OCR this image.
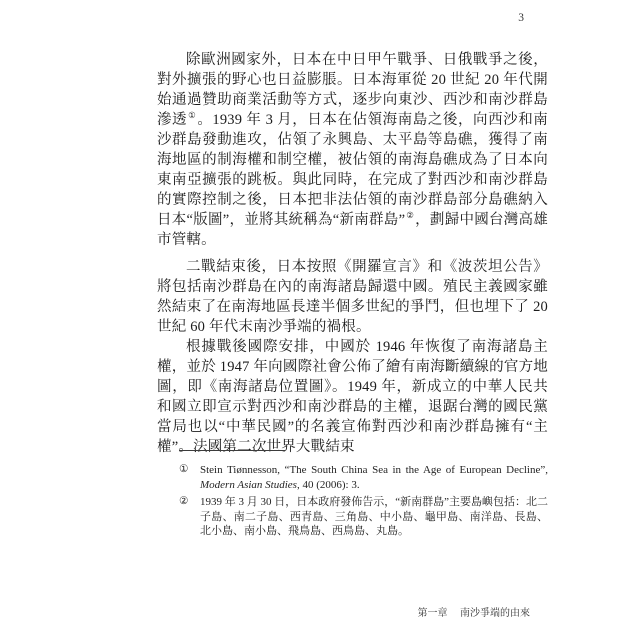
3

除歐洲國家外，日本在中日甲午戰爭、日俄戰爭之後，對外擴張的野心也日益膨脹。日本海軍從 20 世紀 20 年代開始通過贊助商業活動等方式，逐步向東沙、西沙和南沙群島滲透①。1939 年 3 月，日本在佔領海南島之後，向西沙和南沙群島發動進攻，佔領了永興島、太平島等島礁，獲得了南海地區的制海權和制空權，被佔領的南海島礁成為了日本向東南亞擴張的跳板。與此同時，在完成了對西沙和南沙群島的實際控制之後，日本把非法佔領的南沙群島部分島礁納入日本“版圖”，並將其統稱為“新南群島”②，劃歸中國台灣高雄市管轄。

二戰結束後，日本按照《開羅宣言》和《波茨坦公告》將包括南沙群島在內的南海諸島歸還中國。殖民主義國家雖然結束了在南海地區長達半個多世紀的爭鬥，但也埋下了 20 世紀 60 年代末南沙爭端的禍根。

根據戰後國際安排，中國於 1946 年恢復了南海諸島主權，並於 1947 年向國際社會公佈了繪有南海斷續線的官方地圖，即《南海諸島位置圖》。1949 年，新成立的中華人民共和國立即宣示對西沙和南沙群島的主權，退踞台灣的國民黨當局也以“中華民國”的名義宣佈對西沙和南沙群島擁有“主權”。法國第二次世界大戰結束

①	Stein Tiønnesson, “The South China Sea in the Age of European Decline”, Modern Asian Studies, 40 (2006): 3.
②	1939 年 3 月 30 日，日本政府發佈告示，“新南群島”主要島嶼包括：北二子島、南二子島、西青島、三角島、中小島、龜甲島、南洋島、長島、北小島、南小島、飛鳥島、西鳥島、丸島。
第一章 南沙爭端的由來
